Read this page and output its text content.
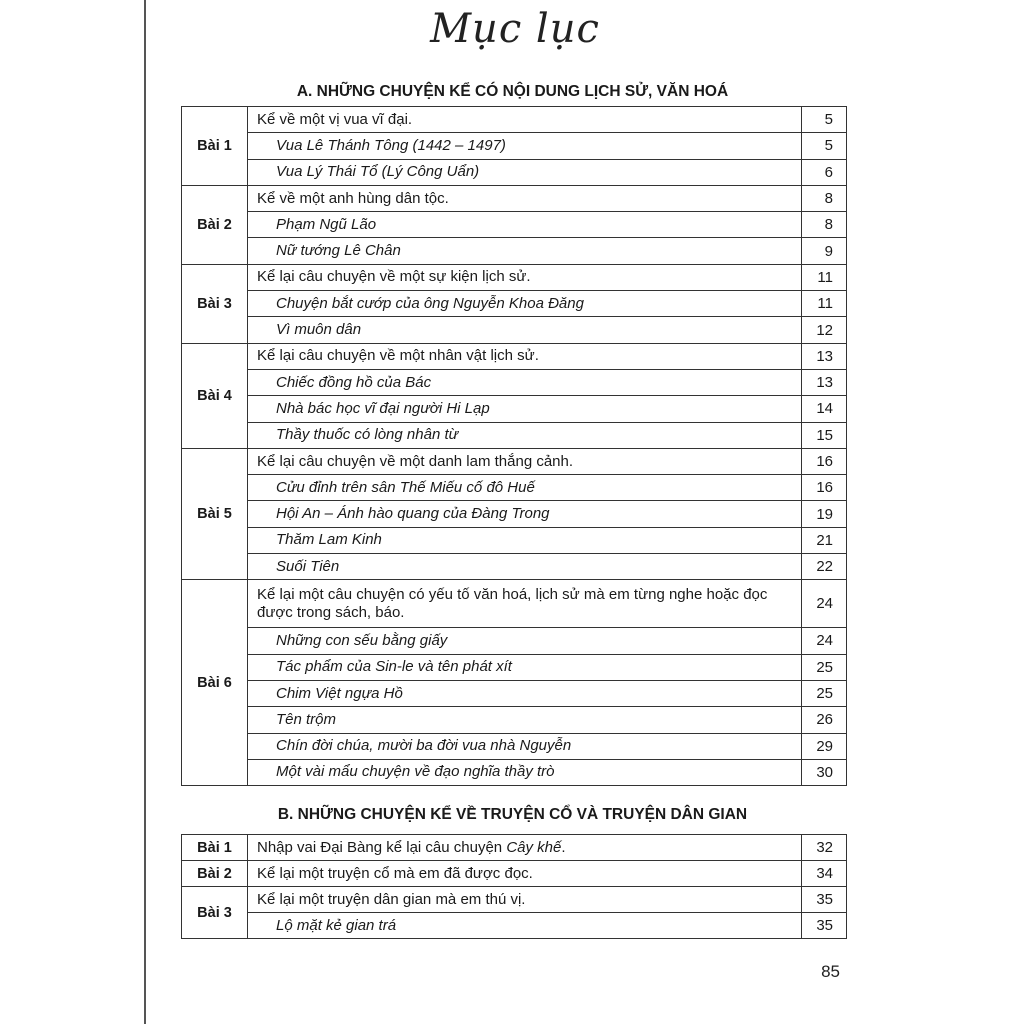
Mục lục
A. NHỮNG CHUYỆN KỂ CÓ NỘI DUNG LỊCH SỬ, VĂN HOÁ
Bài 1	Kể về một vị vua vĩ đại.	5
	Vua Lê Thánh Tông (1442 – 1497)	5
	Vua Lý Thái Tổ (Lý Công Uẩn)	6
Bài 2	Kể về một anh hùng dân tộc.	8
	Phạm Ngũ Lão	8
	Nữ tướng Lê Chân	9
Bài 3	Kể lại câu chuyện về một sự kiện lịch sử.	11
	Chuyện bắt cướp của ông Nguyễn Khoa Đăng	11
	Vì muôn dân	12
Bài 4	Kể lại câu chuyện về một nhân vật lịch sử.	13
	Chiếc đồng hồ của Bác	13
	Nhà bác học vĩ đại người Hi Lạp	14
	Thầy thuốc có lòng nhân từ	15
Bài 5	Kể lại câu chuyện về một danh lam thắng cảnh.	16
	Cửu đỉnh trên sân Thế Miếu cố đô Huế	16
	Hội An – Ánh hào quang của Đàng Trong	19
	Thăm Lam Kinh	21
	Suối Tiên	22
Bài 6	Kể lại một câu chuyện có yếu tố văn hoá, lịch sử mà em từng nghe hoặc đọc được trong sách, báo.	24
	Những con sếu bằng giấy	24
	Tác phẩm của Sin-le và tên phát xít	25
	Chim Việt ngựa Hồ	25
	Tên trộm	26
	Chín đời chúa, mười ba đời vua nhà Nguyễn	29
	Một vài mẩu chuyện về đạo nghĩa thầy trò	30
B. NHỮNG CHUYỆN KỂ VỀ TRUYỆN CỔ VÀ TRUYỆN DÂN GIAN
Bài 1	Nhập vai Đại Bàng kể lại câu chuyện Cây khế.	32
Bài 2	Kể lại một truyện cổ mà em đã được đọc.	34
Bài 3	Kể lại một truyện dân gian mà em thú vị.	35
	Lộ mặt kẻ gian trá	35
85
